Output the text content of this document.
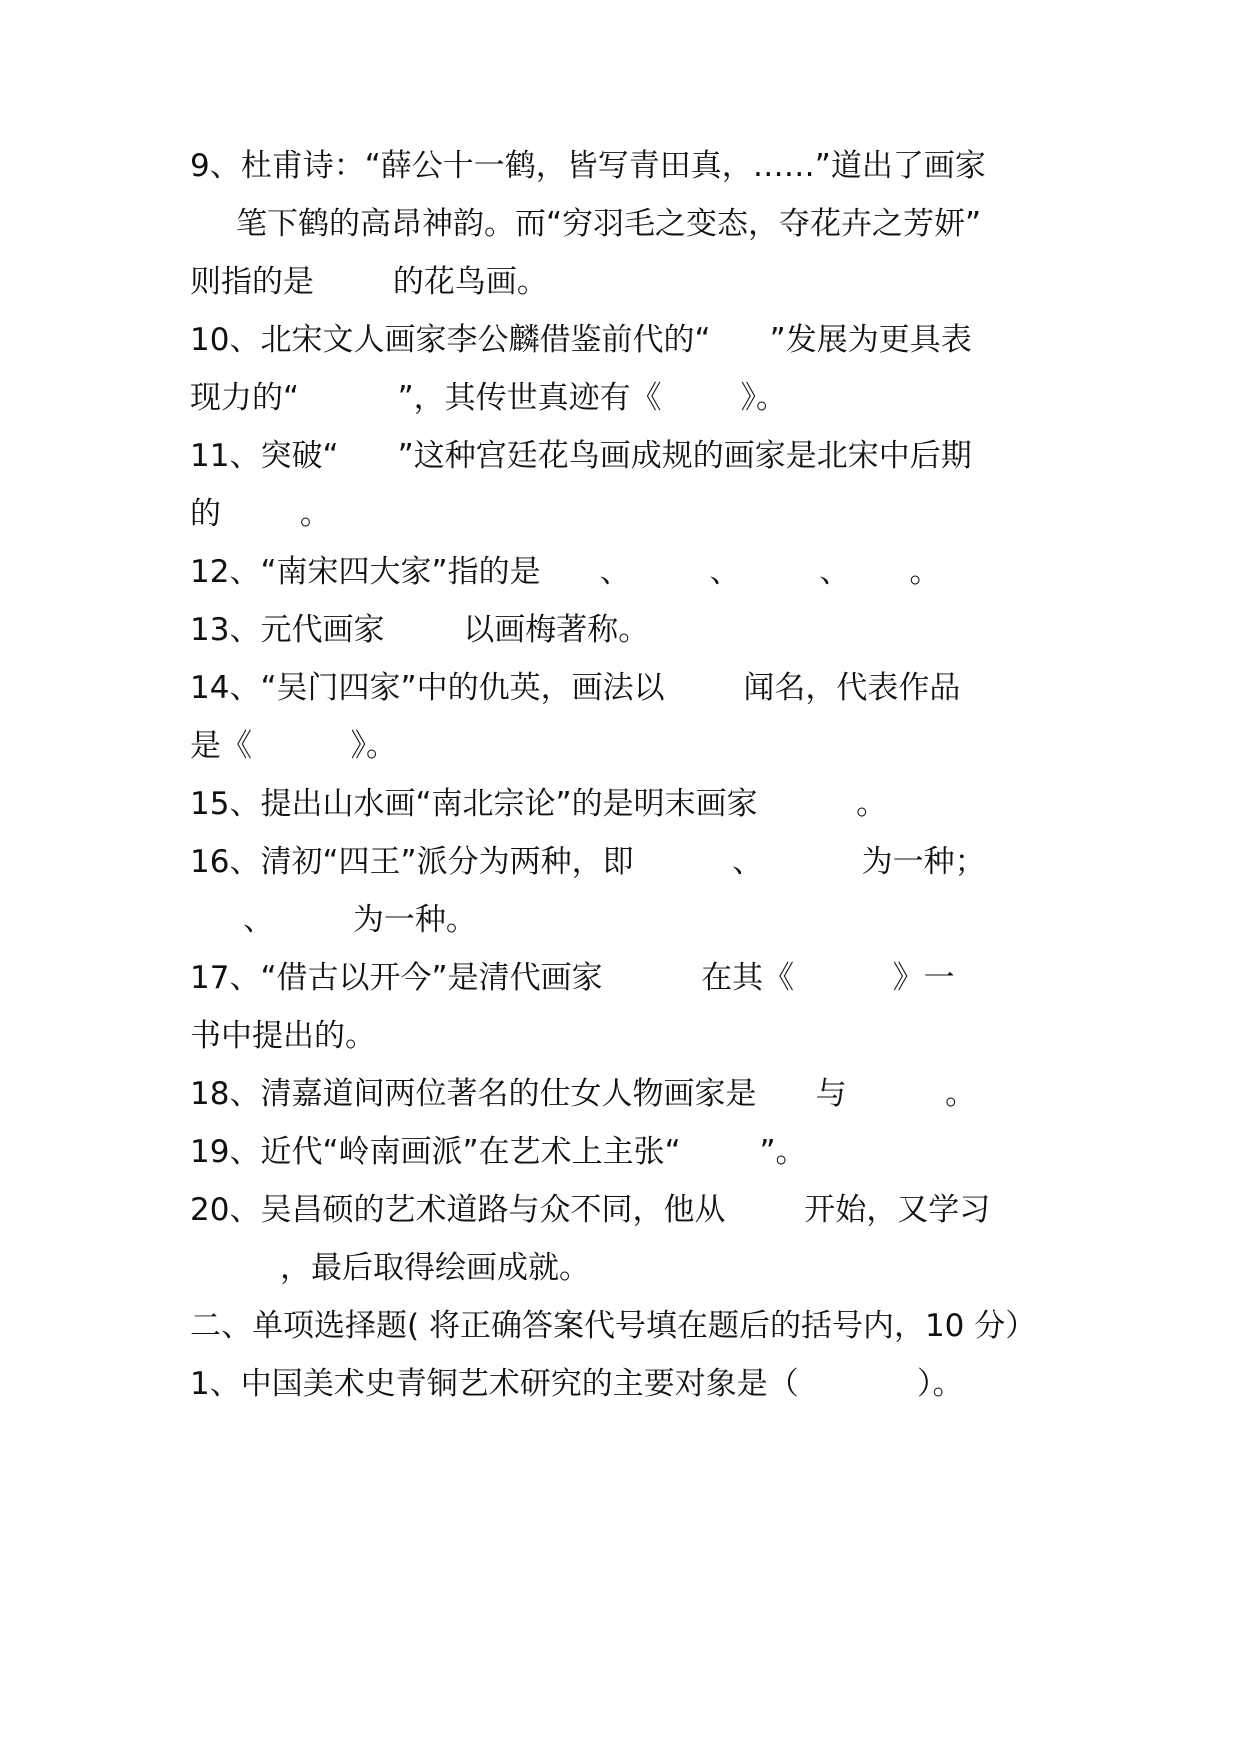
9、杜甫诗：“薛公十一鹤，皆写青田真，……”道出了画家

笔下鹤的高昂神韵。而“穷羽毛之变态，夺花卉之芳妍”

则指的是        的花鸟画。

10、北宋文人画家李公麟借鉴前代的“      ”发展为更具表

现力的“          ”，其传世真迹有《        》。

11、突破“      ”这种宫廷花鸟画成规的画家是北宋中后期

的        。

12、“南宋四大家”指的是      、        、        、      。

13、元代画家        以画梅著称。

14、“吴门四家”中的仇英，画法以        闻名，代表作品

是《          》。

15、提出山水画“南北宗论”的是明末画家          。

16、清初“四王”派分为两种，即          、          为一种；

、        为一种。

17、“借古以开今”是清代画家          在其《          》一

书中提出的。

18、清嘉道间两位著名的仕女人物画家是      与          。

19、近代“岭南画派”在艺术上主张“        ”。

20、吴昌硕的艺术道路与众不同，他从        开始，又学习

，最后取得绘画成就。

二、单项选择题( 将正确答案代号填在题后的括号内，10 分）

1、中国美术史青铜艺术研究的主要对象是（            ）。
